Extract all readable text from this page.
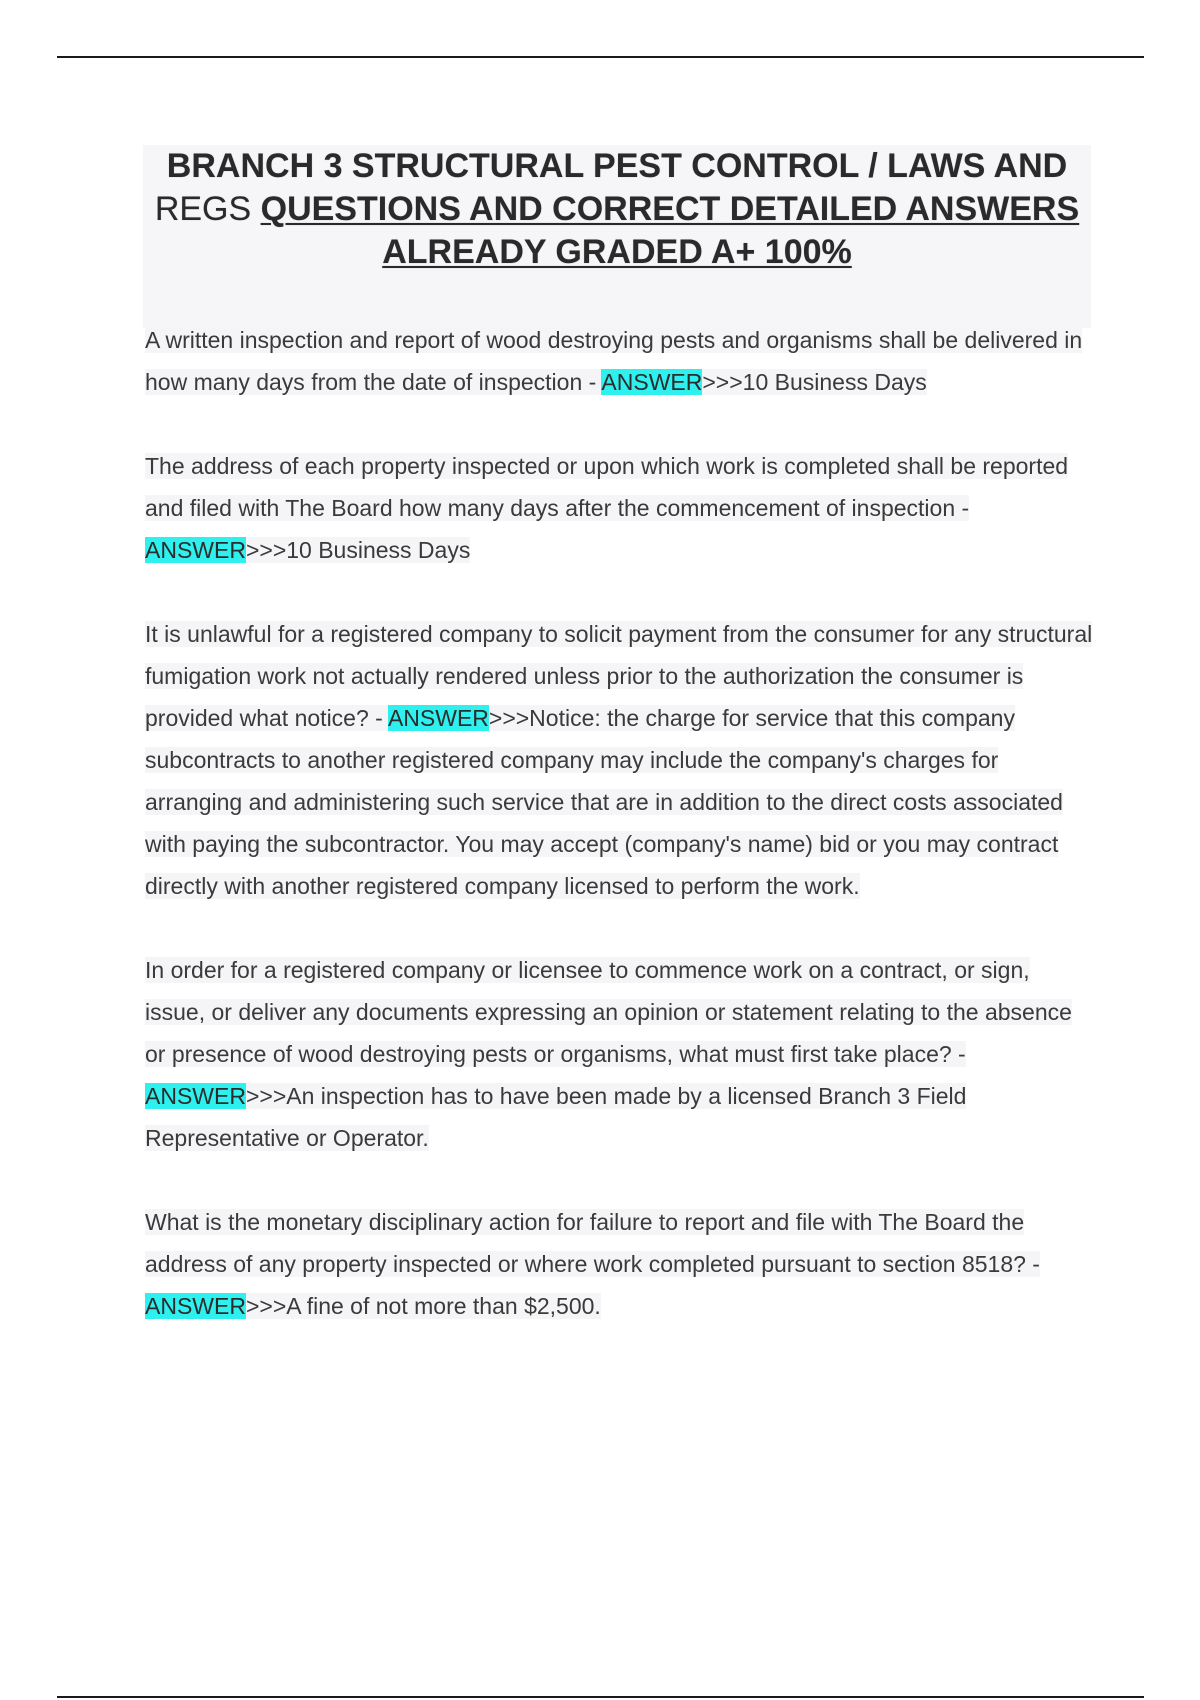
BRANCH 3 STRUCTURAL PEST CONTROL / LAWS AND
REGS QUESTIONS AND CORRECT DETAILED ANSWERS
ALREADY GRADED A+ 100%

A written inspection and report of wood destroying pests and organisms shall be delivered in how many days from the date of inspection - ANSWER>>>10 Business Days

The address of each property inspected or upon which work is completed shall be reported and filed with The Board how many days after the commencement of inspection - ANSWER>>>10 Business Days

It is unlawful for a registered company to solicit payment from the consumer for any structural fumigation work not actually rendered unless prior to the authorization the consumer is provided what notice? - ANSWER>>>Notice: the charge for service that this company subcontracts to another registered company may include the company's charges for arranging and administering such service that are in addition to the direct costs associated with paying the subcontractor. You may accept (company's name) bid or you may contract directly with another registered company licensed to perform the work.

In order for a registered company or licensee to commence work on a contract, or sign, issue, or deliver any documents expressing an opinion or statement relating to the absence or presence of wood destroying pests or organisms, what must first take place? - ANSWER>>>An inspection has to have been made by a licensed Branch 3 Field Representative or Operator.

What is the monetary disciplinary action for failure to report and file with The Board the address of any property inspected or where work completed pursuant to section 8518? - ANSWER>>>A fine of not more than $2,500.
